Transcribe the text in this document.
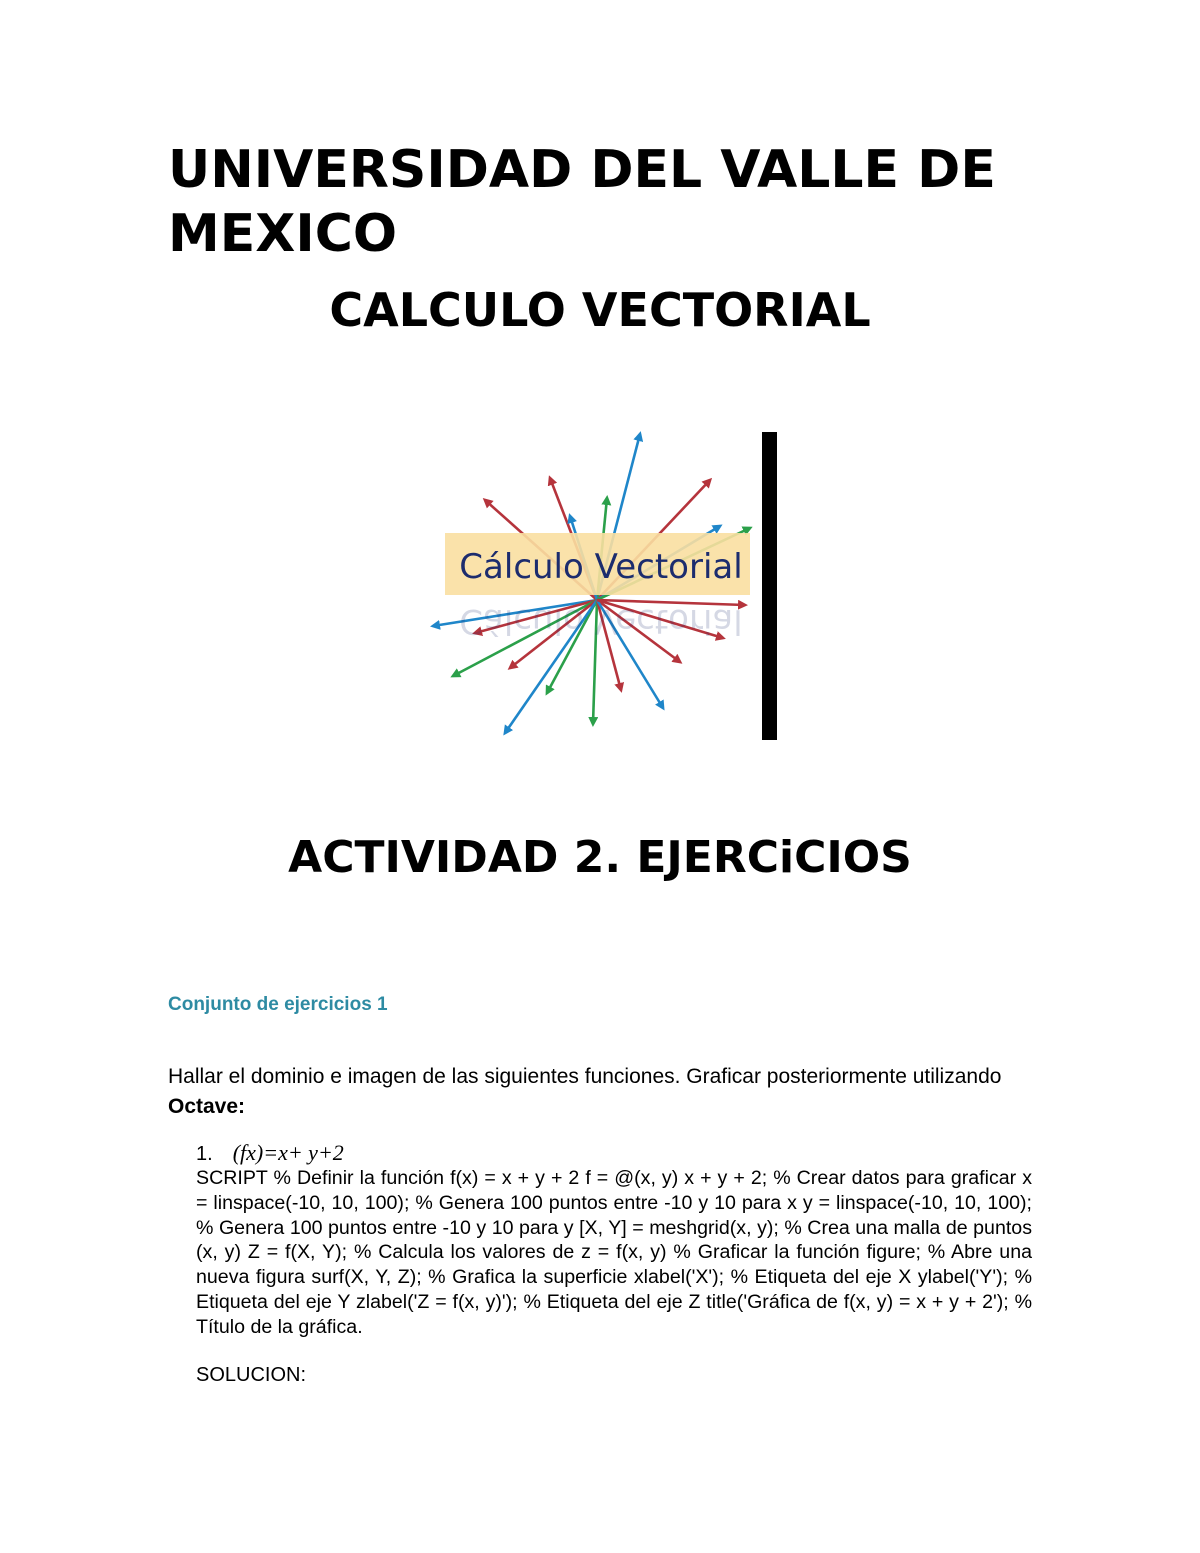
UNIVERSIDAD DEL VALLE DE MEXICO
CALCULO VECTORIAL
Cálculo Vectorial
Cálculo Vectorial
ACTIVIDAD 2. EJERCiCIOS
Conjunto de ejercicios 1

Hallar el dominio e imagen de las siguientes funciones. Graficar posteriormente utilizando Octave:

1. (fx)=x+ y+2

SCRIPT % Definir la función f(x) = x + y + 2 f = @(x, y) x + y + 2; % Crear datos para graficar x = linspace(-10, 10, 100); % Genera 100 puntos entre -10 y 10 para x y = linspace(-10, 10, 100); % Genera 100 puntos entre -10 y 10 para y [X, Y] = meshgrid(x, y); % Crea una malla de puntos (x, y) Z = f(X, Y); % Calcula los valores de z = f(x, y) % Graficar la función figure; % Abre una nueva figura surf(X, Y, Z); % Grafica la superficie xlabel('X'); % Etiqueta del eje X ylabel('Y'); % Etiqueta del eje Y zlabel('Z = f(x, y)'); % Etiqueta del eje Z title('Gráfica de f(x, y) = x + y + 2'); % Título de la gráfica.

SOLUCION:
